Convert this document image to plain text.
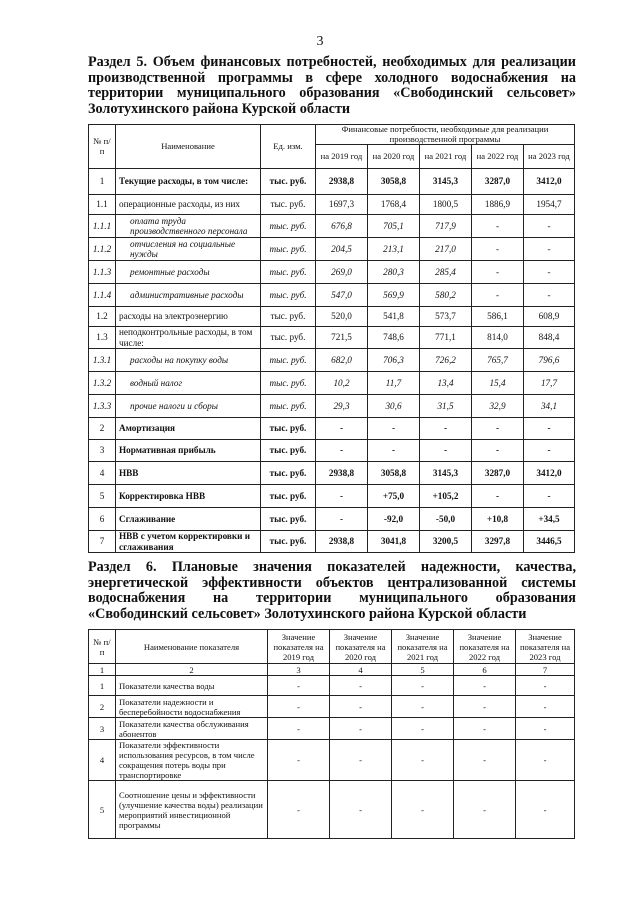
3
Раздел 5. Объем финансовых потребностей, необходимых для реализации производственной программы в сфере холодного водоснабжения на территории муниципального образования «Свободинский сельсовет» Золотухинского района Курской области
№ п/п	Наименование	Ед. изм.	Финансовые потребности, необходимые для реализации производственной программы				
			на 2019 год	на 2020 год	на 2021 год	на 2022 год	на 2023 год
1	Текущие расходы, в том числе:	тыс. руб.	2938,8	3058,8	3145,3	3287,0	3412,0
1.1	операционные расходы, из них	тыс. руб.	1697,3	1768,4	1800,5	1886,9	1954,7
1.1.1	оплата труда производственного персонала	тыс. руб.	676,8	705,1	717,9	-	-
1.1.2	отчисления на социальные нужды	тыс. руб.	204,5	213,1	217,0	-	-
1.1.3	ремонтные расходы	тыс. руб.	269,0	280,3	285,4	-	-
1.1.4	административные расходы	тыс. руб.	547,0	569,9	580,2	-	-
1.2	расходы на электроэнергию	тыс. руб.	520,0	541,8	573,7	586,1	608,9
1.3	неподконтрольные расходы, в том числе:	тыс. руб.	721,5	748,6	771,1	814,0	848,4
1.3.1	расходы на покупку воды	тыс. руб.	682,0	706,3	726,2	765,7	796,6
1.3.2	водный налог	тыс. руб.	10,2	11,7	13,4	15,4	17,7
1.3.3	прочие налоги и сборы	тыс. руб.	29,3	30,6	31,5	32,9	34,1
2	Амортизация	тыс. руб.	-	-	-	-	-
3	Нормативная прибыль	тыс. руб.	-	-	-	-	-
4	НВВ	тыс. руб.	2938,8	3058,8	3145,3	3287,0	3412,0
5	Корректировка НВВ	тыс. руб.	-	+75,0	+105,2	-	-
6	Сглаживание	тыс. руб.	-	-92,0	-50,0	+10,8	+34,5
7	НВВ с учетом корректировки и сглаживания	тыс. руб.	2938,8	3041,8	3200,5	3297,8	3446,5
Раздел 6. Плановые значения показателей надежности, качества, энергетической эффективности объектов централизованной системы водоснабжения на территории муниципального образования «Свободинский сельсовет» Золотухинского района Курской области
№ п/п	Наименование показателя	Значение показателя на 2019 год	Значение показателя на 2020 год	Значение показателя на 2021 год	Значение показателя на 2022 год	Значение показателя на 2023 год
1	2	3	4	5	6	7
1	Показатели качества воды	-	-	-	-	-
2	Показатели надежности и бесперебойности водоснабжения	-	-	-	-	-
3	Показатели качества обслуживания абонентов	-	-	-	-	-
4	Показатели эффективности использования ресурсов, в том числе сокращения потерь воды при транспортировке	-	-	-	-	-
5	Соотношение цены и эффективности (улучшение качества воды) реализации мероприятий инвестиционной программы	-	-	-	-	-
